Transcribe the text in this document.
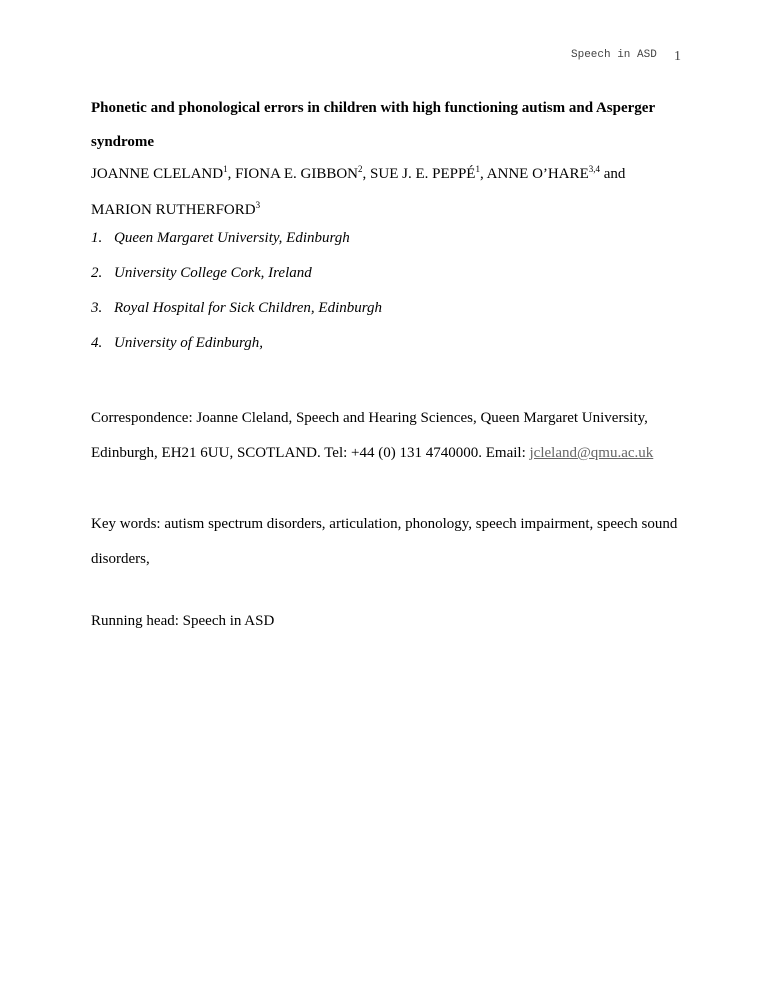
Speech in ASD 1

Phonetic and phonological errors in children with high functioning autism and Asperger syndrome

JOANNE CLELAND$^1$, FIONA E. GIBBON$^2$, SUE J. E. PEPPÉ$^1$, ANNE O’HARE$^{3,4}$ and
MARION RUTHERFORD$^3$

1. Queen Margaret University, Edinburgh

2. University College Cork, Ireland

3. Royal Hospital for Sick Children, Edinburgh

4. University of Edinburgh,

Correspondence: Joanne Cleland, Speech and Hearing Sciences, Queen Margaret University, Edinburgh, EH21 6UU, SCOTLAND. Tel: +44 (0) 131 4740000. Email: jcleland@qmu.ac.uk

Key words: autism spectrum disorders, articulation, phonology, speech impairment, speech sound disorders,

Running head: Speech in ASD
